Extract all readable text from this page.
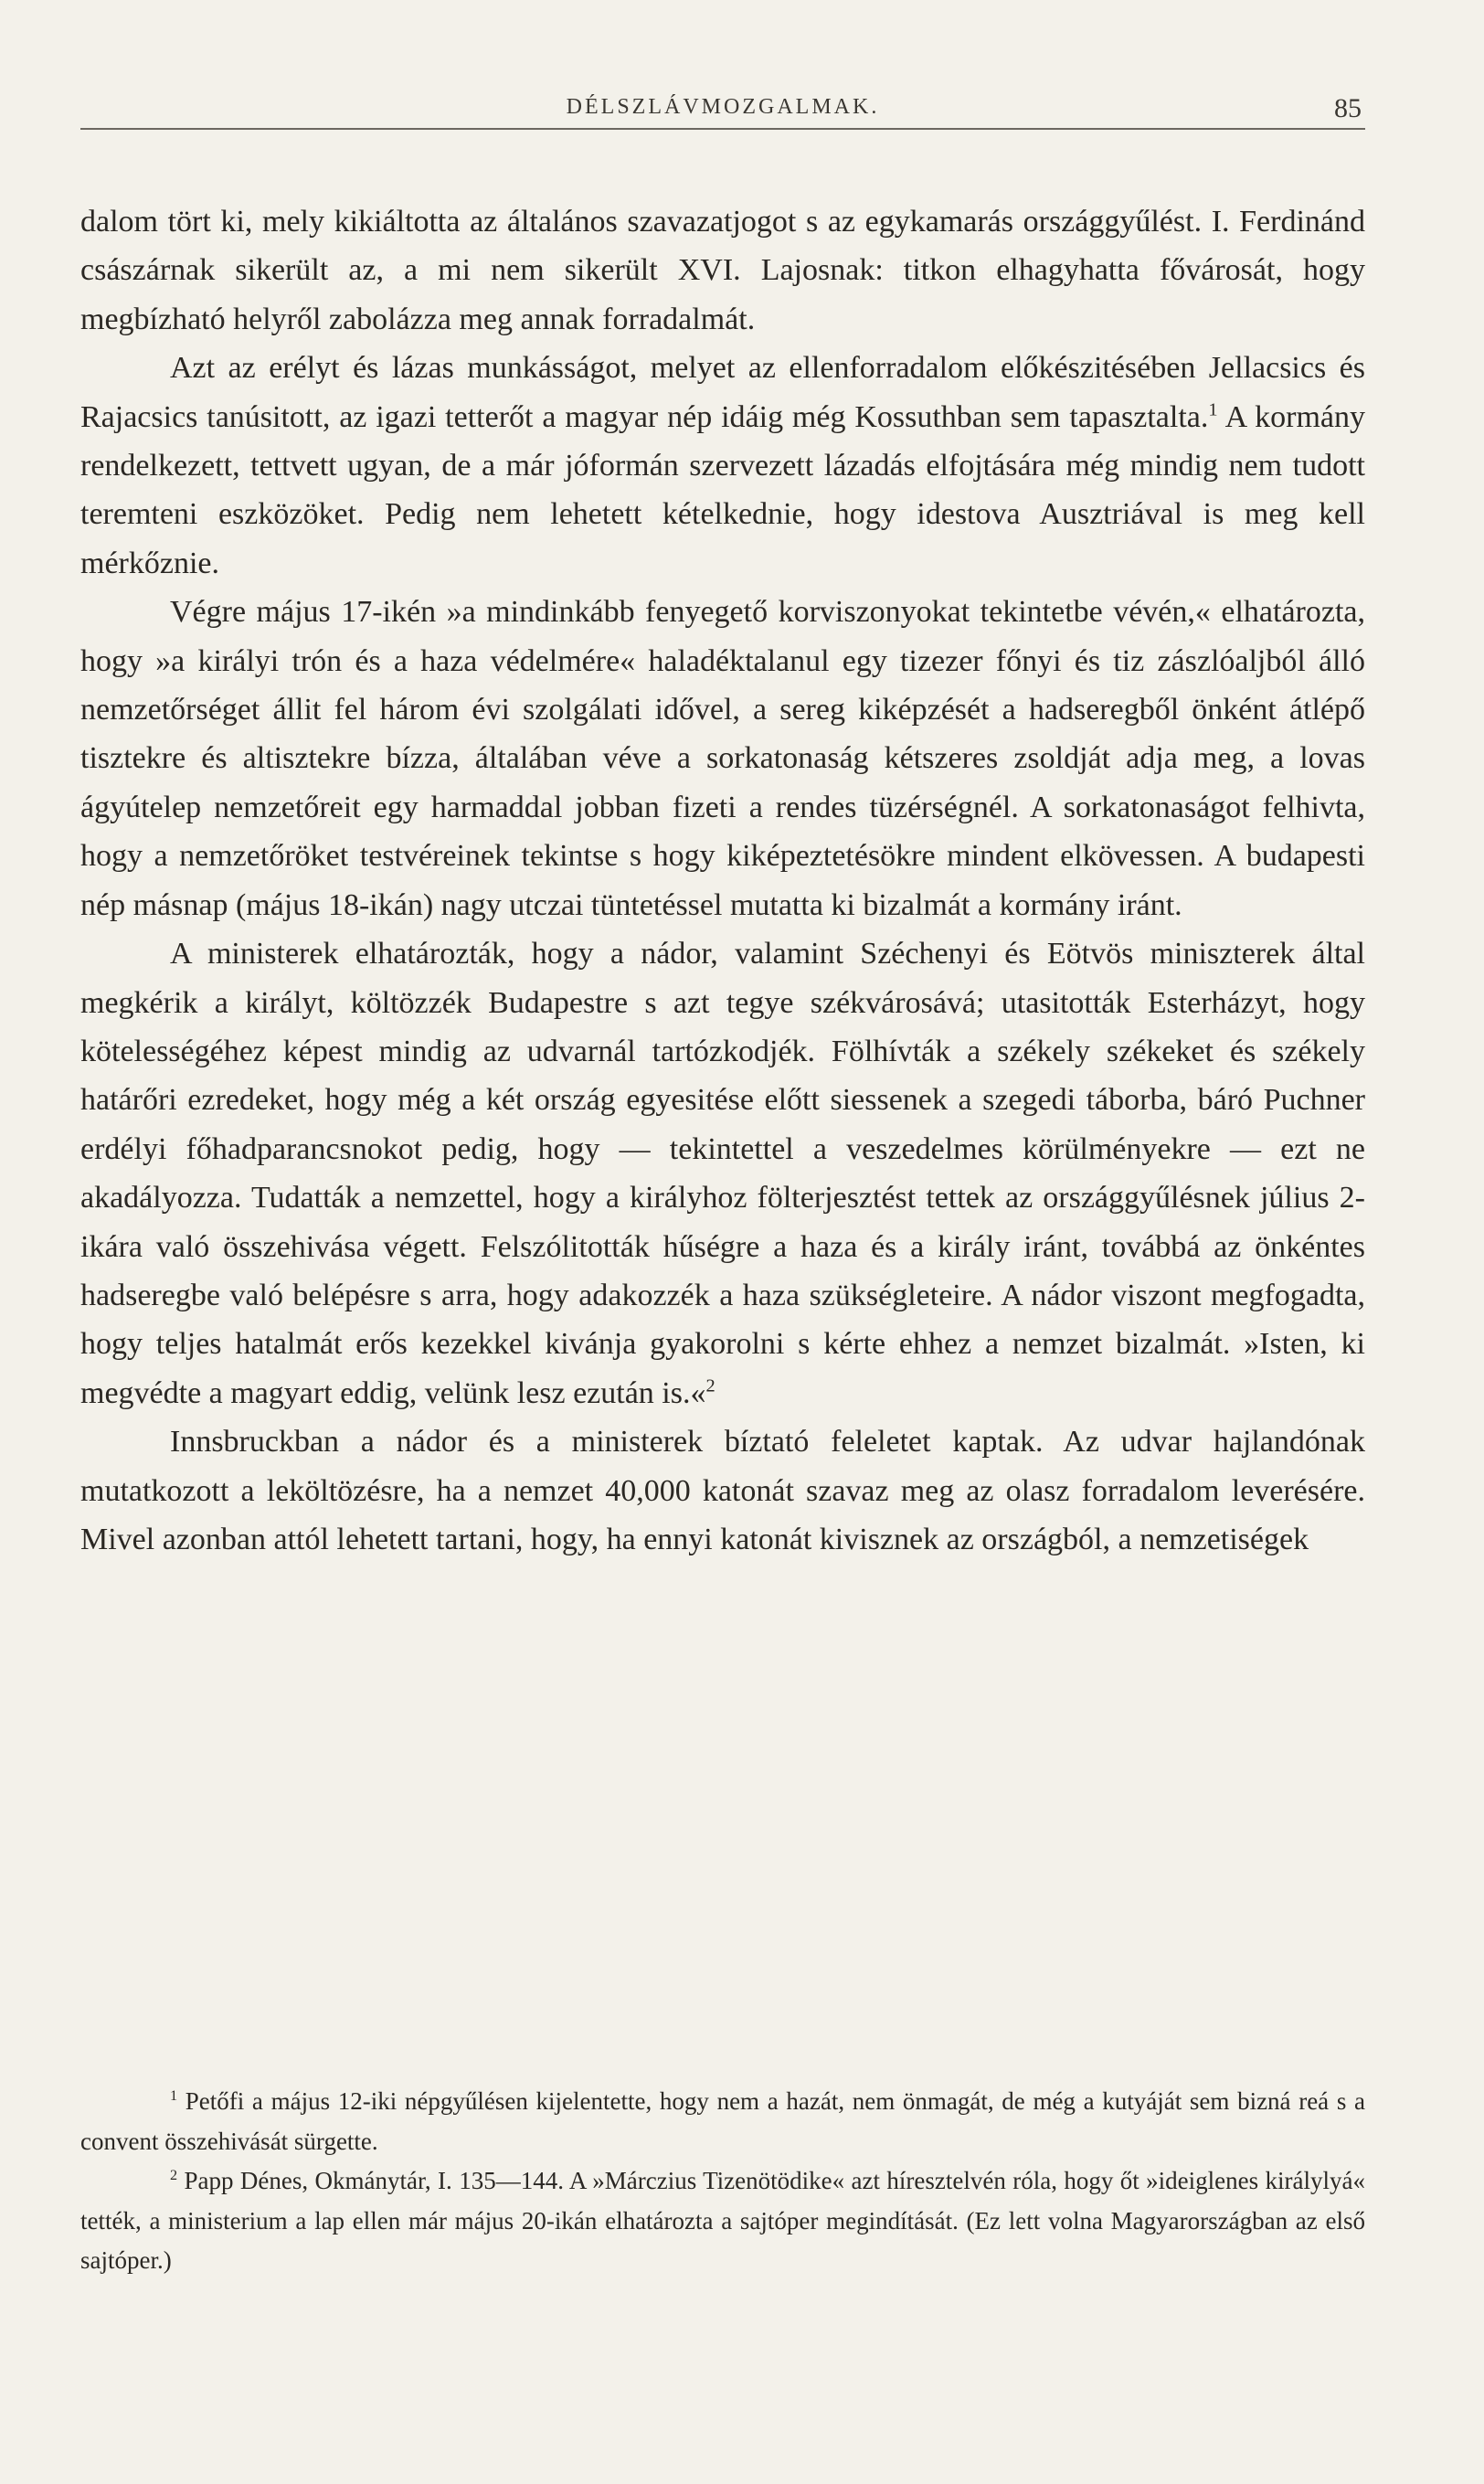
DÉLSZLÁVMOZGALMAK.	85

dalom tört ki, mely kikiáltotta az általános szavazatjogot s az egykamarás országgyűlést. I. Ferdinánd császárnak sikerült az, a mi nem sikerült XVI. Lajosnak: titkon elhagyhatta fővárosát, hogy megbízható helyről zabolázza meg annak forradalmát.

Azt az erélyt és lázas munkásságot, melyet az ellenforradalom előkészitésében Jellacsics és Rajacsics tanúsitott, az igazi tetterőt a magyar nép idáig még Kossuthban sem tapasztalta.$^1$ A kormány rendelkezett, tettvett ugyan, de a már jóformán szervezett lázadás elfojtására még mindig nem tudott teremteni eszközöket. Pedig nem lehetett kételkednie, hogy idestova Ausztriával is meg kell mérkőznie.

Végre május 17-ikén »a mindinkább fenyegető korviszonyokat tekintetbe vévén,« elhatározta, hogy »a királyi trón és a haza védelmére« haladéktalanul egy tizezer főnyi és tiz zászlóaljból álló nemzetőrséget állit fel három évi szolgálati idővel, a sereg kiképzését a hadseregből önként átlépő tisztekre és altisztekre bízza, általában véve a sorkatonaság kétszeres zsoldját adja meg, a lovas ágyútelep nemzetőreit egy harmaddal jobban fizeti a rendes tüzérségnél. A sorkatonaságot felhivta, hogy a nemzetőröket testvéreinek tekintse s hogy kiképeztetésökre mindent elkövessen. A budapesti nép másnap (május 18-ikán) nagy utczai tüntetéssel mutatta ki bizalmát a kormány iránt.

A ministerek elhatározták, hogy a nádor, valamint Széchenyi és Eötvös miniszterek által megkérik a királyt, költözzék Budapestre s azt tegye székvárosává; utasitották Esterházyt, hogy kötelességéhez képest mindig az udvarnál tartózkodjék. Fölhívták a székely székeket és székely határőri ezredeket, hogy még a két ország egyesitése előtt siessenek a szegedi táborba, báró Puchner erdélyi főhadparancsnokot pedig, hogy — tekintettel a veszedelmes körülményekre — ezt ne akadályozza. Tudatták a nemzettel, hogy a királyhoz fölterjesztést tettek az országgyűlésnek július 2-ikára való összehivása végett. Felszólitották hűségre a haza és a király iránt, továbbá az önkéntes hadseregbe való belépésre s arra, hogy adakozzék a haza szükségleteire. A nádor viszont megfogadta, hogy teljes hatalmát erős kezekkel kivánja gyakorolni s kérte ehhez a nemzet bizalmát. »Isten, ki megvédte a magyart eddig, velünk lesz ezután is.«$^2$

Innsbruckban a nádor és a ministerek bíztató feleletet kaptak. Az udvar hajlandónak mutatkozott a leköltözésre, ha a nemzet 40,000 katonát szavaz meg az olasz forradalom leverésére. Mivel azonban attól lehetett tartani, hogy, ha ennyi katonát kivisznek az országból, a nemzetiségek

$^1$ Petőfi a május 12-iki népgyűlésen kijelentette, hogy nem a hazát, nem önmagát, de még a kutyáját sem bizná reá s a convent összehivását sürgette.

$^2$ Papp Dénes, Okmánytár, I. 135—144. A »Márczius Tizenötödike« azt híresztelvén róla, hogy őt »ideiglenes királylyá« tették, a ministerium a lap ellen már május 20-ikán elhatározta a sajtóper megindítását. (Ez lett volna Magyarországban az első sajtóper.)
